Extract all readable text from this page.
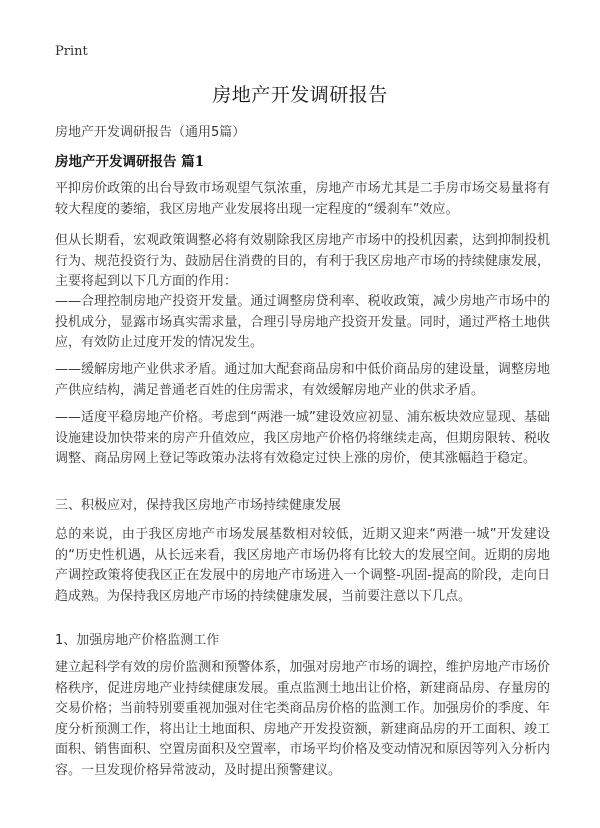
Print
房地产开发调研报告
房地产开发调研报告（通用5篇）
房地产开发调研报告 篇1

平抑房价政策的出台导致市场观望气氛浓重，房地产市场尤其是二手房市场交易量将有较大程度的萎缩，我区房地产业发展将出现一定程度的“缓刹车”效应。

但从长期看，宏观政策调整必将有效剔除我区房地产市场中的投机因素，达到抑制投机行为、规范投资行为、鼓励居住消费的目的，有利于我区房地产市场的持续健康发展，主要将起到以下几方面的作用：

——合理控制房地产投资开发量。通过调整房贷利率、税收政策，减少房地产市场中的投机成分，显露市场真实需求量，合理引导房地产投资开发量。同时，通过严格土地供应，有效防止过度开发的情况发生。

——缓解房地产业供求矛盾。通过加大配套商品房和中低价商品房的建设量，调整房地产供应结构，满足普通老百姓的住房需求，有效缓解房地产业的供求矛盾。

——适度平稳房地产价格。考虑到“两港一城”建设效应初显、浦东板块效应显现、基础设施建设加快带来的房产升值效应，我区房地产价格仍将继续走高，但期房限转、税收调整、商品房网上登记等政策办法将有效稳定过快上涨的房价，使其涨幅趋于稳定。

三、积极应对，保持我区房地产市场持续健康发展

总的来说，由于我区房地产市场发展基数相对较低，近期又迎来“两港一城”开发建设的“历史性机遇，从长远来看，我区房地产市场仍将有比较大的发展空间。近期的房地产调控政策将使我区正在发展中的房地产市场进入一个调整-巩固-提高的阶段，走向日趋成熟。为保持我区房地产市场的持续健康发展，当前要注意以下几点。

1、加强房地产价格监测工作

建立起科学有效的房价监测和预警体系，加强对房地产市场的调控，维护房地产市场价格秩序，促进房地产业持续健康发展。重点监测土地出让价格，新建商品房、存量房的交易价格；当前特别要重视加强对住宅类商品房价格的监测工作。加强房价的季度、年度分析预测工作，将出让土地面积、房地产开发投资额，新建商品房的开工面积、竣工面积、销售面积、空置房面积及空置率，市场平均价格及变动情况和原因等列入分析内容。一旦发现价格异常波动，及时提出预警建议。
